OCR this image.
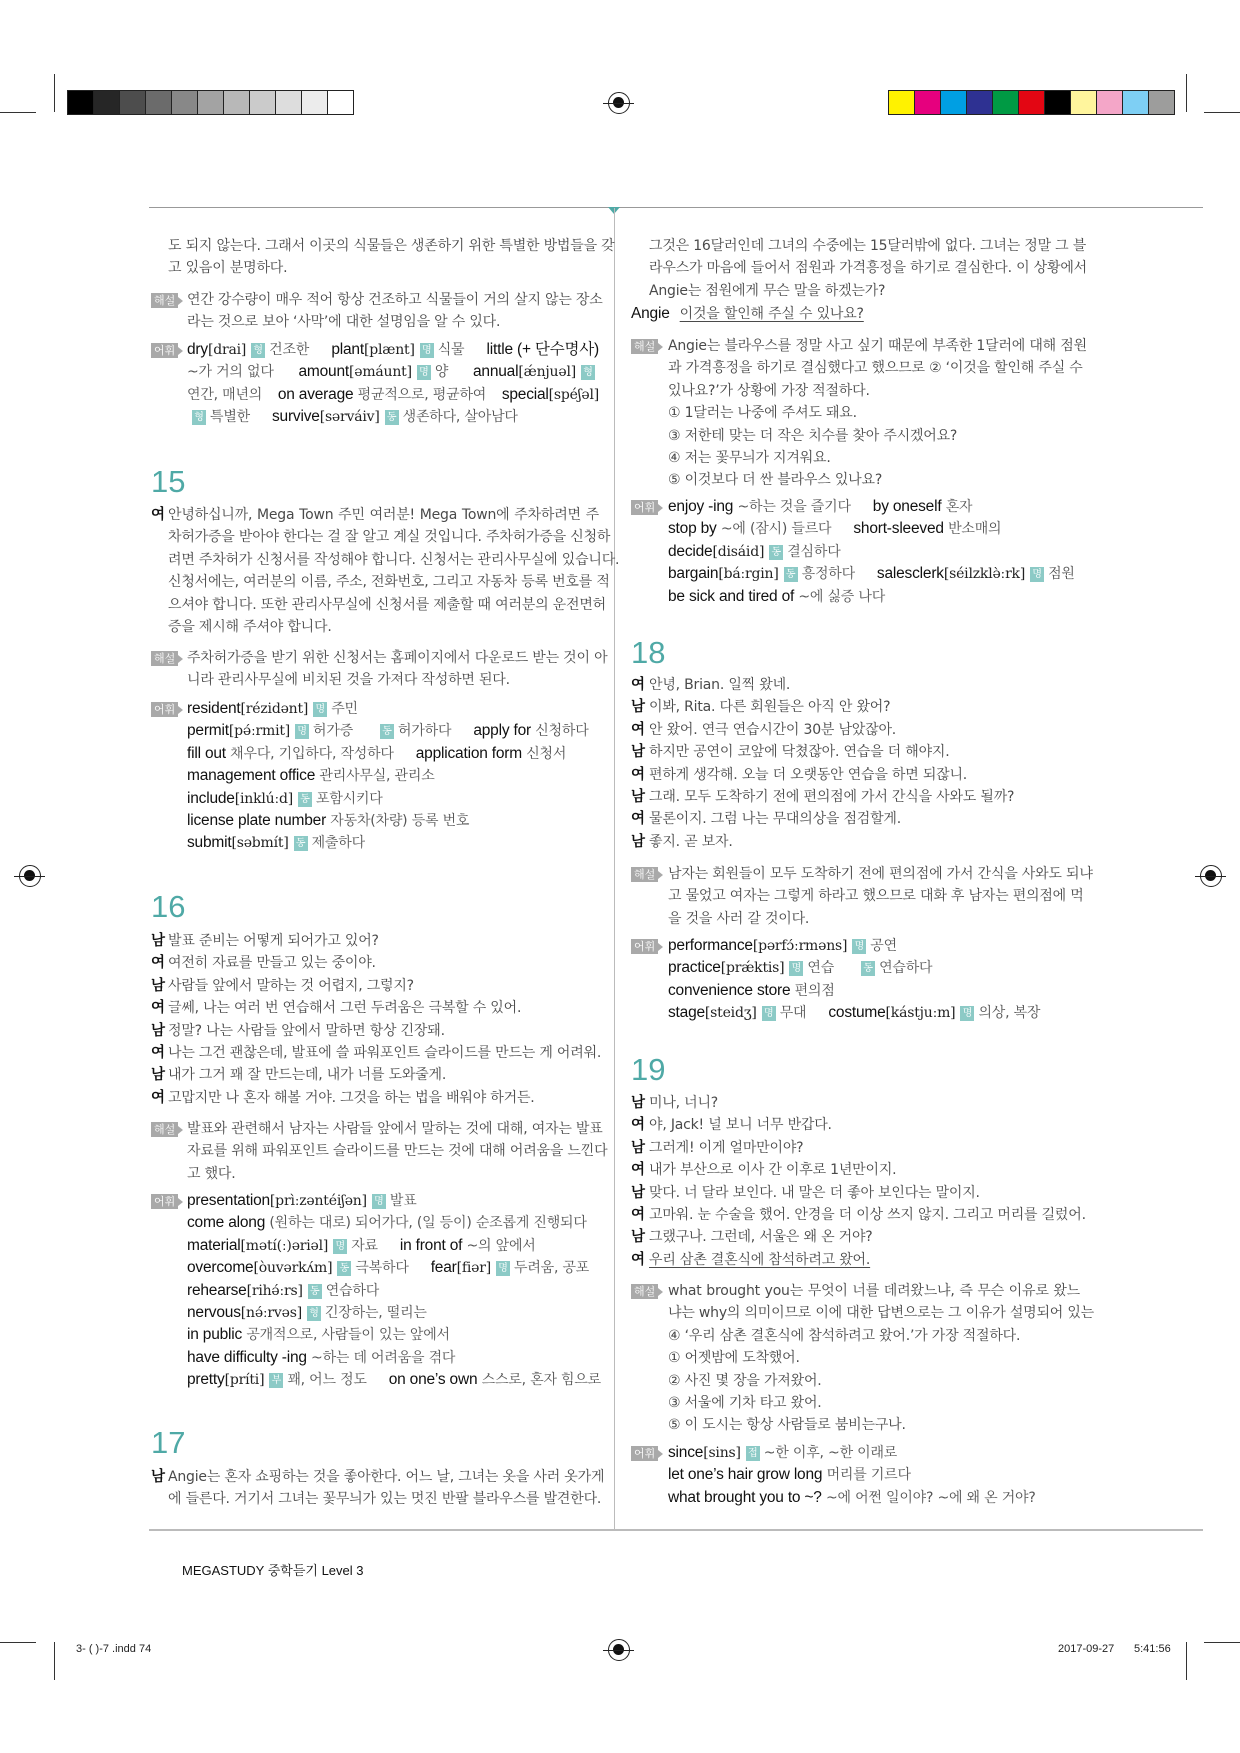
도 되지 않는다. 그래서 이곳의 식물들은 생존하기 위한 특별한 방법들을 갖
고 있음이 분명하다.
해설 연간 강수량이 매우 적어 항상 건조하고 식물들이 거의 살지 않는 장소
라는 것으로 보아 ‘사막’에 대한 설명임을 알 수 있다.
어휘 dry[drai] 형 건조한 plant[plænt] 명 식물 little (+ 단수명사)
~가 거의 없다 amount[əmáunt] 명 양 annual[ǽnjuəl] 형
연간, 매년의 on average 평균적으로, 평균하여 special[spéʃəl]
형 특별한 survive[sərváiv] 동 생존하다, 살아남다
15
여 안녕하십니까, Mega Town 주민 여러분! Mega Town에 주차하려면 주
차허가증을 받아야 한다는 걸 잘 알고 계실 것입니다. 주차허가증을 신청하
려면 주차허가 신청서를 작성해야 합니다. 신청서는 관리사무실에 있습니다.
신청서에는, 여러분의 이름, 주소, 전화번호, 그리고 자동차 등록 번호를 적
으셔야 합니다. 또한 관리사무실에 신청서를 제출할 때 여러분의 운전면허
증을 제시해 주셔야 합니다.
해설 주차허가증을 받기 위한 신청서는 홈페이지에서 다운로드 받는 것이 아
니라 관리사무실에 비치된 것을 가져다 작성하면 된다.
어휘 resident[rézidənt] 명 주민
permit[pə́ːrmit] 명 허가증	동 허가하다 apply for 신청하다
fill out 채우다, 기입하다, 작성하다 application form 신청서
management office 관리사무실, 관리소
include[inklúːd] 동 포함시키다
license plate number 자동차(차량) 등록 번호
submit[səbmít] 동 제출하다
16
남 발표 준비는 어떻게 되어가고 있어?
여 여전히 자료를 만들고 있는 중이야.
남 사람들 앞에서 말하는 것 어렵지, 그렇지?
여 글쎄, 나는 여러 번 연습해서 그런 두려움은 극복할 수 있어.
남 정말? 나는 사람들 앞에서 말하면 항상 긴장돼.
여 나는 그건 괜찮은데, 발표에 쓸 파워포인트 슬라이드를 만드는 게 어려워.
남 내가 그거 꽤 잘 만드는데, 내가 너를 도와줄게.
여 고맙지만 나 혼자 해볼 거야. 그것을 하는 법을 배워야 하거든.
해설 발표와 관련해서 남자는 사람들 앞에서 말하는 것에 대해, 여자는 발표
자료를 위해 파워포인트 슬라이드를 만드는 것에 대해 어려움을 느낀다
고 했다.
어휘 presentation[prìːzəntéiʃən] 명 발표
come along (원하는 대로) 되어가다, (일 등이) 순조롭게 진행되다
material[mətí(ː)əriəl] 명 자료 in front of ~의 앞에서
overcome[òuvərkʌ́m] 동 극복하다 fear[fiər] 명 두려움, 공포
rehearse[rihə́ːrs] 동 연습하다
nervous[nə́ːrvəs] 형 긴장하는, 떨리는
in public 공개적으로, 사람들이 있는 앞에서
have difficulty -ing ~하는 데 어려움을 겪다
pretty[príti] 부 꽤, 어느 정도 on one’s own 스스로, 혼자 힘으로
17
남 Angie는 혼자 쇼핑하는 것을 좋아한다. 어느 날, 그녀는 옷을 사러 옷가게
에 들른다. 거기서 그녀는 꽃무늬가 있는 멋진 반팔 블라우스를 발견한다.
그것은 16달러인데 그녀의 수중에는 15달러밖에 없다. 그녀는 정말 그 블
라우스가 마음에 들어서 점원과 가격흥정을 하기로 결심한다. 이 상황에서
Angie는 점원에게 무슨 말을 하겠는가?
Angie 이것을 할인해 주실 수 있나요?
해설 Angie는 블라우스를 정말 사고 싶기 때문에 부족한 1달러에 대해 점원
과 가격흥정을 하기로 결심했다고 했으므로 ② ‘이것을 할인해 주실 수
있나요?’가 상황에 가장 적절하다.
① 1달러는 나중에 주셔도 돼요.
③ 저한테 맞는 더 작은 치수를 찾아 주시겠어요?
④ 저는 꽃무늬가 지겨워요.
⑤ 이것보다 더 싼 블라우스 있나요?
어휘 enjoy -ing ~하는 것을 즐기다 by oneself 혼자
stop by ~에 (잠시) 들르다 short-sleeved 반소매의
decide[disáid] 동 결심하다
bargain[báːrgin] 동 흥정하다 salesclerk[séilzklə̀ːrk] 명 점원
be sick and tired of ~에 싫증 나다
18
여 안녕, Brian. 일찍 왔네.
남 이봐, Rita. 다른 회원들은 아직 안 왔어?
여 안 왔어. 연극 연습시간이 30분 남았잖아.
남 하지만 공연이 코앞에 닥쳤잖아. 연습을 더 해야지.
여 편하게 생각해. 오늘 더 오랫동안 연습을 하면 되잖니.
남 그래. 모두 도착하기 전에 편의점에 가서 간식을 사와도 될까?
여 물론이지. 그럼 나는 무대의상을 점검할게.
남 좋지. 곧 보자.
해설 남자는 회원들이 모두 도착하기 전에 편의점에 가서 간식을 사와도 되냐
고 물었고 여자는 그렇게 하라고 했으므로 대화 후 남자는 편의점에 먹
을 것을 사러 갈 것이다.
어휘 performance[pərfɔ́ːrməns] 명 공연
practice[prǽktis] 명 연습	동 연습하다
convenience store 편의점
stage[steidʒ] 명 무대 costume[kástjuːm] 명 의상, 복장
19
남 미나, 너니?
여 야, Jack! 널 보니 너무 반갑다.
남 그러게! 이게 얼마만이야?
여 내가 부산으로 이사 간 이후로 1년만이지.
남 맞다. 너 달라 보인다. 내 말은 더 좋아 보인다는 말이지.
여 고마워. 눈 수술을 했어. 안경을 더 이상 쓰지 않지. 그리고 머리를 길렀어.
남 그랬구나. 그런데, 서울은 왜 온 거야?
여 우리 삼촌 결혼식에 참석하려고 왔어.
해설 what brought you는 무엇이 너를 데려왔느냐, 즉 무슨 이유로 왔느
냐는 why의 의미이므로 이에 대한 답변으로는 그 이유가 설명되어 있는
④ ‘우리 삼촌 결혼식에 참석하려고 왔어.’가 가장 적절하다.
① 어젯밤에 도착했어.
② 사진 몇 장을 가져왔어.
③ 서울에 기차 타고 왔어.
⑤ 이 도시는 항상 사람들로 붐비는구나.
어휘 since[sins] 접 ~한 이후, ~한 이래로
let one’s hair grow long 머리를 기르다
what brought you to ~? ~에 어쩐 일이야? ~에 왜 온 거야?
MEGASTUDY 중학듣기 Level 3
3- ( )-7 .indd 74	2017-09-27 5:41:56
